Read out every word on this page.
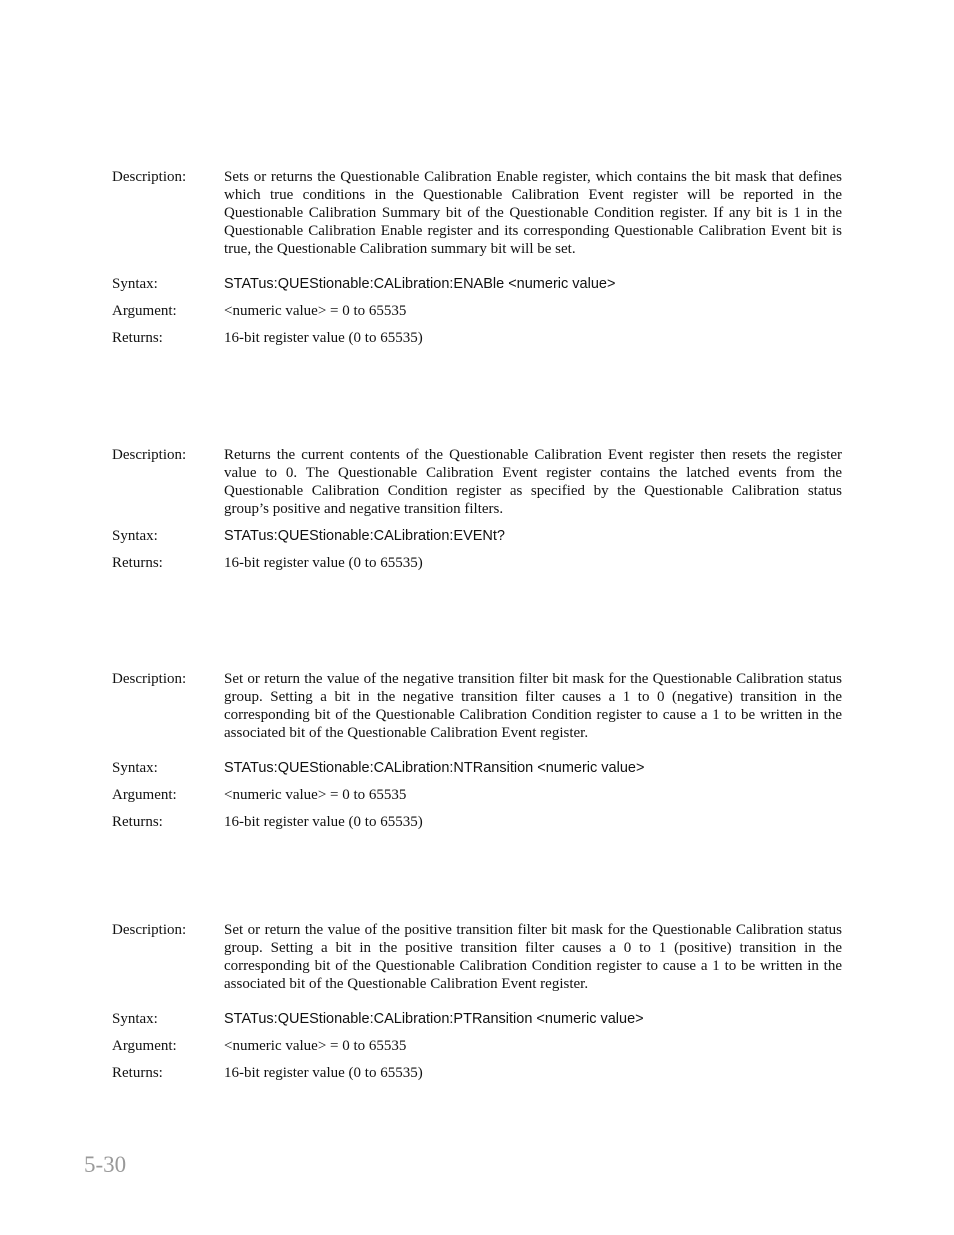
Description:	Sets or returns the Questionable Calibration Enable register, which contains the bit mask that defines which true conditions in the Questionable Calibration Event register will be reported in the Questionable Calibration Summary bit of the Questionable Condition register. If any bit is 1 in the Questionable Calibration Enable register and its corresponding Questionable Calibration Event bit is true, the Questionable Calibration summary bit will be set.
Syntax:	STATus:QUEStionable:CALibration:ENABle <numeric value>
Argument:	<numeric value> = 0 to 65535
Returns:	16-bit register value (0 to 65535)
Description:	Returns the current contents of the Questionable Calibration Event register then resets the register value to 0. The Questionable Calibration Event register contains the latched events from the Questionable Calibration Condition register as specified by the Questionable Calibration status group’s positive and negative transition filters.
Syntax:	STATus:QUEStionable:CALibration:EVENt?
Returns:	16-bit register value (0 to 65535)
Description:	Set or return the value of the negative transition filter bit mask for the Questionable Calibration status group. Setting a bit in the negative transition filter causes a 1 to 0 (negative) transition in the corresponding bit of the Questionable Calibration Condition register to cause a 1 to be written in the associated bit of the Questionable Calibration Event register.
Syntax:	STATus:QUEStionable:CALibration:NTRansition <numeric value>
Argument:	<numeric value> = 0 to 65535
Returns:	16-bit register value (0 to 65535)
Description:	Set or return the value of the positive transition filter bit mask for the Questionable Calibration status group. Setting a bit in the positive transition filter causes a 0 to 1 (positive) transition in the corresponding bit of the Questionable Calibration Condition register to cause a 1 to be written in the associated bit of the Questionable Calibration Event register.
Syntax:	STATus:QUEStionable:CALibration:PTRansition <numeric value>
Argument:	<numeric value> = 0 to 65535
Returns:	16-bit register value (0 to 65535)
5-30
